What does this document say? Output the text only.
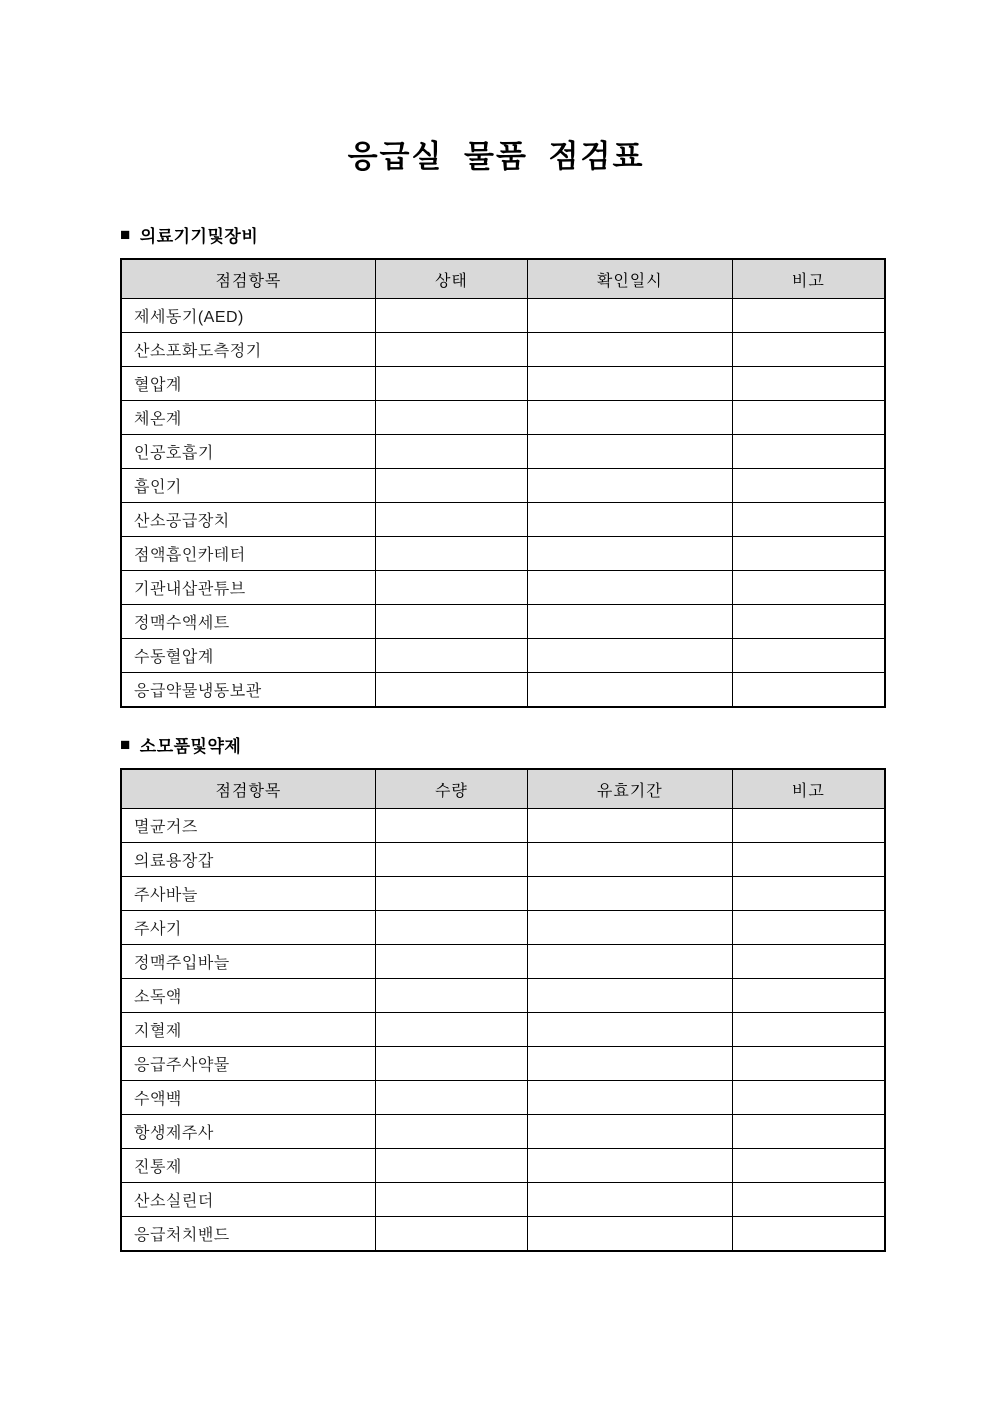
응급실 물품 점검표
■ 의료기기및장비
점검항목	상태	확인일시	비고
제세동기(AED)			
산소포화도측정기			
혈압계			
체온계			
인공호흡기			
흡인기			
산소공급장치			
점액흡인카테터			
기관내삽관튜브			
정맥수액세트			
수동혈압계			
응급약물냉동보관			
■ 소모품및약제
점검항목	수량	유효기간	비고
멸균거즈			
의료용장갑			
주사바늘			
주사기			
정맥주입바늘			
소독액			
지혈제			
응급주사약물			
수액백			
항생제주사			
진통제			
산소실린더			
응급처치밴드			
